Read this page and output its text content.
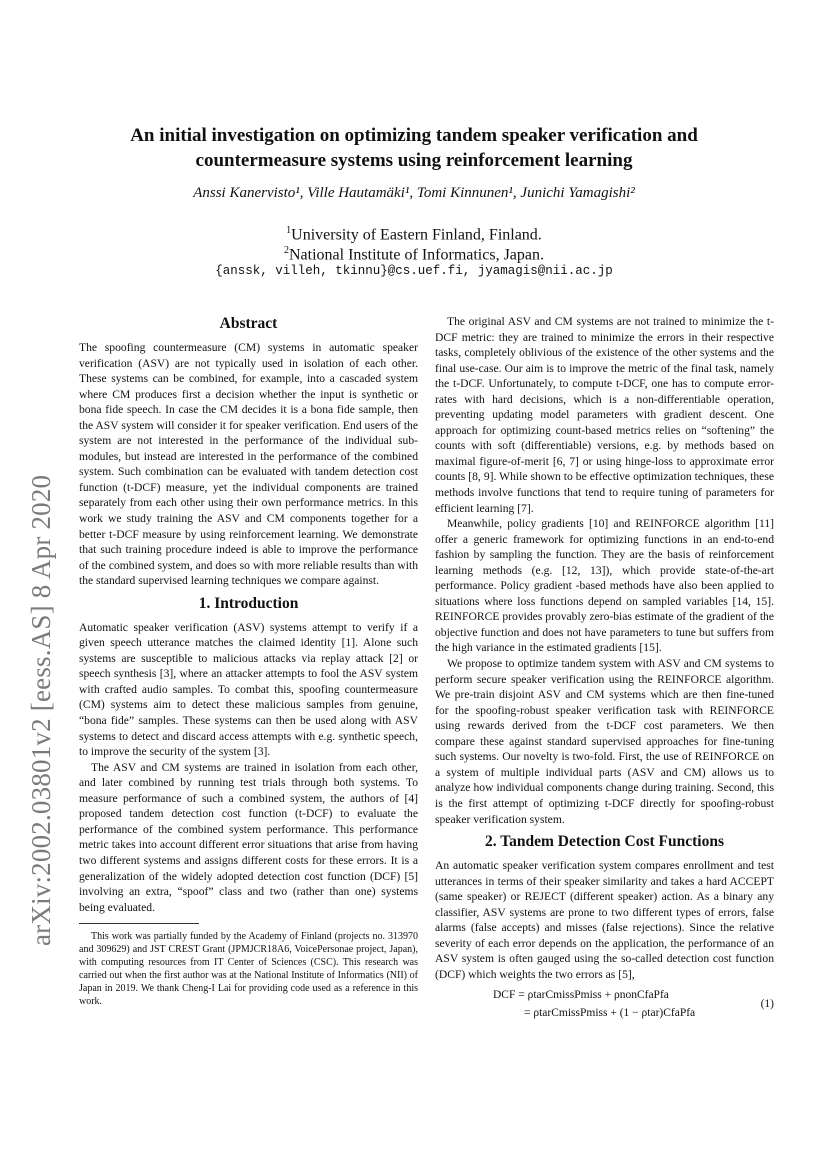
arXiv:2002.03801v2 [eess.AS] 8 Apr 2020
An initial investigation on optimizing tandem speaker verification and
countermeasure systems using reinforcement learning
Anssi Kanervisto¹, Ville Hautamäki¹, Tomi Kinnunen¹, Junichi Yamagishi²
$^1$University of Eastern Finland, Finland.
$^2$National Institute of Informatics, Japan.
{anssk, villeh, tkinnu}@cs.uef.fi, jyamagis@nii.ac.jp
Abstract

The spoofing countermeasure (CM) systems in automatic speaker verification (ASV) are not typically used in isolation of each other. These systems can be combined, for example, into a cascaded system where CM produces first a decision whether the input is synthetic or bona fide speech. In case the CM decides it is a bona fide sample, then the ASV system will consider it for speaker verification. End users of the system are not interested in the performance of the individual sub-modules, but instead are interested in the performance of the combined system. Such combination can be evaluated with tandem detection cost function (t-DCF) measure, yet the individual components are trained separately from each other using their own performance metrics. In this work we study training the ASV and CM components together for a better t-DCF measure by using reinforcement learning. We demonstrate that such training procedure indeed is able to improve the performance of the combined system, and does so with more reliable results than with the standard supervised learning techniques we compare against.

1. Introduction

Automatic speaker verification (ASV) systems attempt to verify if a given speech utterance matches the claimed identity [1]. Alone such systems are susceptible to malicious attacks via replay attack [2] or speech synthesis [3], where an attacker attempts to fool the ASV system with crafted audio samples. To combat this, spoofing countermeasure (CM) systems aim to detect these malicious samples from genuine, “bona fide” samples. These systems can then be used along with ASV systems to detect and discard access attempts with e.g. synthetic speech, to improve the security of the system [3].

The ASV and CM systems are trained in isolation from each other, and later combined by running test trials through both systems. To measure performance of such a combined system, the authors of [4] proposed tandem detection cost function (t-DCF) to evaluate the performance of the combined system performance. This performance metric takes into account different error situations that arise from having two different systems and assigns different costs for these errors. It is a generalization of the widely adopted detection cost function (DCF) [5] involving an extra, “spoof” class and two (rather than one) systems being evaluated.

This work was partially funded by the Academy of Finland (projects no. 313970 and 309629) and JST CREST Grant (JPMJCR18A6, VoicePersonae project, Japan), with computing resources from IT Center of Sciences (CSC). This research was carried out when the first author was at the National Institute of Informatics (NII) of Japan in 2019. We thank Cheng-I Lai for providing code used as a reference in this work.

The original ASV and CM systems are not trained to minimize the t-DCF metric: they are trained to minimize the errors in their respective tasks, completely oblivious of the existence of the other systems and the final use-case. Our aim is to improve the metric of the final task, namely the t-DCF. Unfortunately, to compute t-DCF, one has to compute error-rates with hard decisions, which is a non-differentiable operation, preventing updating model parameters with gradient descent. One approach for optimizing count-based metrics relies on “softening” the counts with soft (differentiable) versions, e.g. by methods based on maximal figure-of-merit [6, 7] or using hinge-loss to approximate error counts [8, 9]. While shown to be effective optimization techniques, these methods involve functions that tend to require tuning of parameters for efficient learning [7].

Meanwhile, policy gradients [10] and REINFORCE algorithm [11] offer a generic framework for optimizing functions in an end-to-end fashion by sampling the function. They are the basis of reinforcement learning methods (e.g. [12, 13]), which provide state-of-the-art performance. Policy gradient -based methods have also been applied to situations where loss functions depend on sampled variables [14, 15]. REINFORCE provides provably zero-bias estimate of the gradient of the objective function and does not have parameters to tune but suffers from the high variance in the estimated gradients [15].

We propose to optimize tandem system with ASV and CM systems to perform secure speaker verification using the REINFORCE algorithm. We pre-train disjoint ASV and CM systems which are then fine-tuned for the spoofing-robust speaker verification task with REINFORCE using rewards derived from the t-DCF cost parameters. We then compare these against standard supervised approaches for fine-tuning such systems. Our novelty is two-fold. First, the use of REINFORCE on a system of multiple individual parts (ASV and CM) allows us to analyze how individual components change during training. Second, this is the first attempt of optimizing t-DCF directly for spoofing-robust speaker verification system.

2. Tandem Detection Cost Functions

An automatic speaker verification system compares enrollment and test utterances in terms of their speaker similarity and takes a hard ACCEPT (same speaker) or REJECT (different speaker) action. As a binary any classifier, ASV systems are prone to two different types of errors, false alarms (false accepts) and misses (false rejections). Since the relative severity of each error depends on the application, the performance of an ASV system is often gauged using the so-called detection cost function (DCF) which weights the two errors as [5],

DCF = ρtarCmissPmiss + ρnonCfaPfa
= ρtarCmissPmiss + (1 − ρtar)CfaPfa
(1)
